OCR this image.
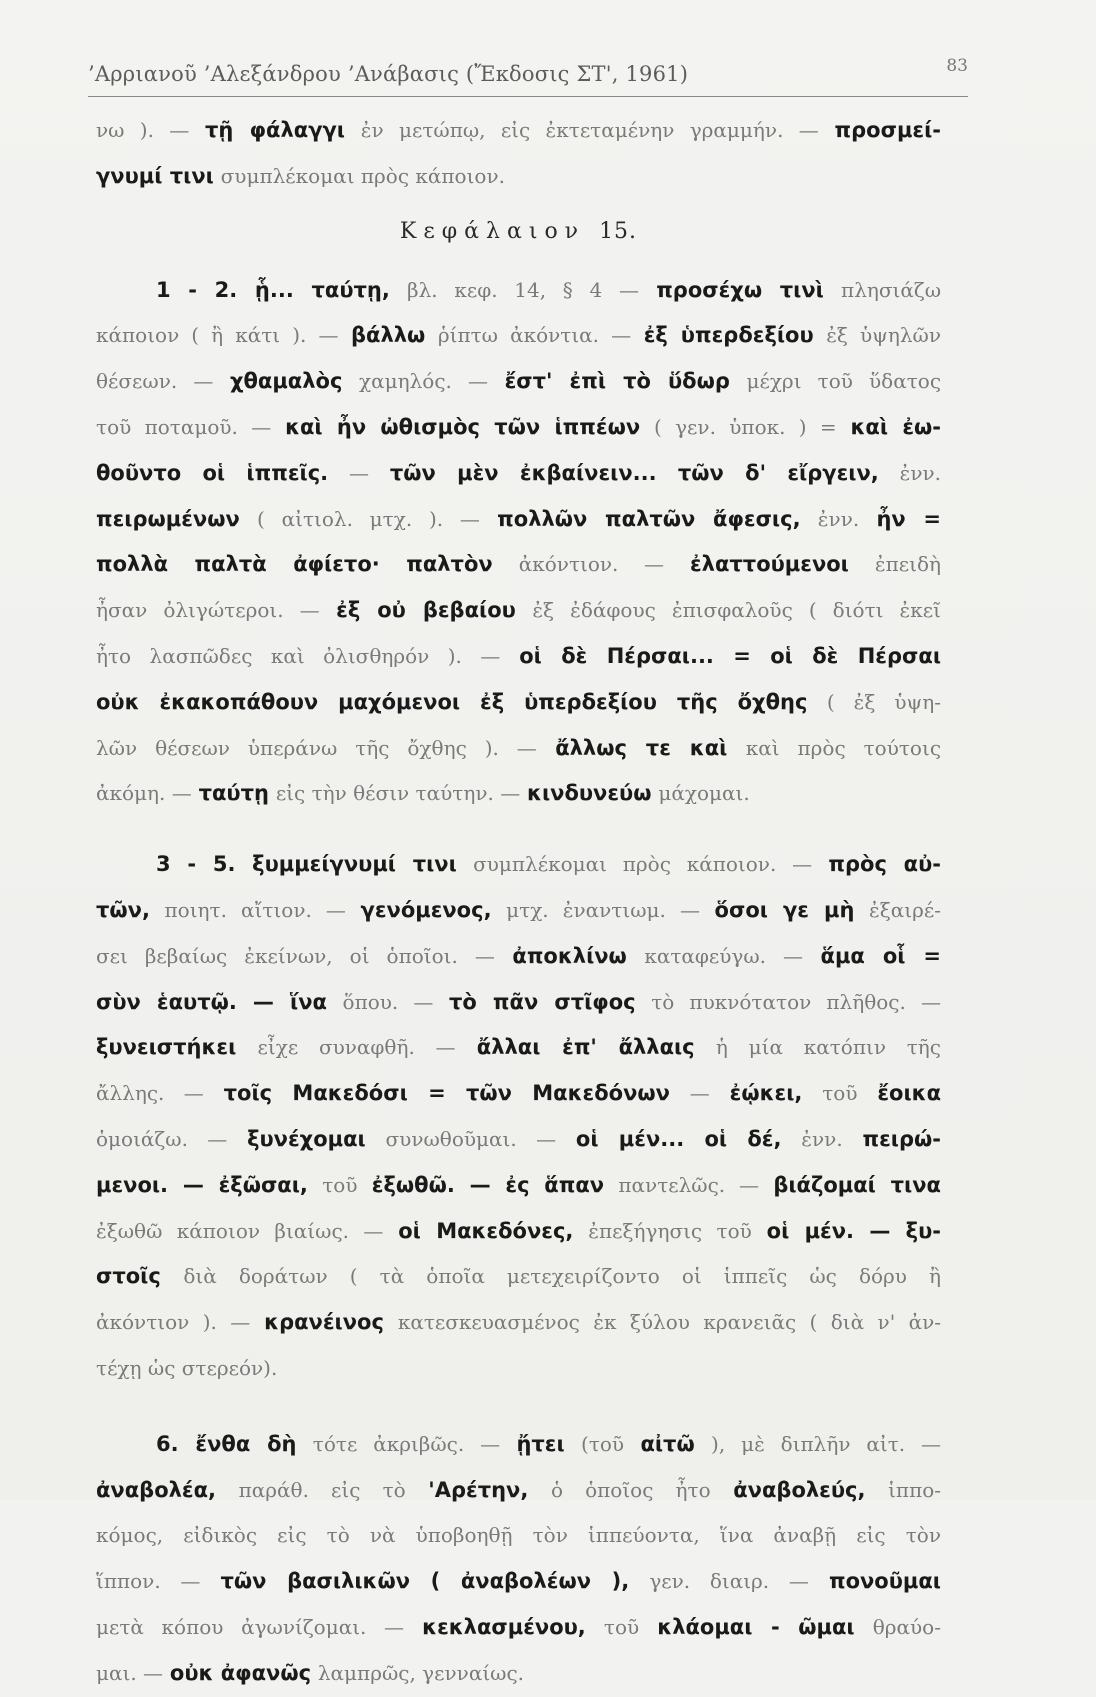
’Αρριανοῦ ’Αλεξάνδρου ’Ανάβασις (Ἔκδοσις ΣΤ', 1961)	83

νω ). — τῇ φάλαγγι ἐν μετώπῳ, εἰς ἐκτεταμένην γραμμήν. — προσμεί-

γνυμί τινι συμπλέκομαι πρὸς κάποιον.

Κεφάλαιον 15.

1 - 2. ᾗ... ταύτῃ, βλ. κεφ. 14, § 4 — προσέχω τινὶ πλησιάζω

κάποιον ( ἢ κάτι ). — βάλλω ῥίπτω ἀκόντια. — ἐξ ὑπερδεξίου ἐξ ὑψηλῶν

θέσεων. — χθαμαλὸς χαμηλός. — ἔστ' ἐπὶ τὸ ὕδωρ μέχρι τοῦ ὕδατος

τοῦ ποταμοῦ. — καὶ ἦν ὠθισμὸς τῶν ἱππέων ( γεν. ὑποκ. ) = καὶ ἐω-

θοῦντο οἱ ἱππεῖς. — τῶν μὲν ἐκβαίνειν... τῶν δ' εἴργειν, ἐνν.

πειρωμένων ( αἰτιολ. μτχ. ). — πολλῶν παλτῶν ἄφεσις, ἐνν. ἦν =

πολλὰ παλτὰ ἀφίετο· παλτὸν ἀκόντιον. — ἐλαττούμενοι ἐπειδὴ

ἦσαν ὀλιγώτεροι. — ἐξ οὐ βεβαίου ἐξ ἐδάφους ἐπισφαλοῦς ( διότι ἐκεῖ

ἦτο λασπῶδες καὶ ὀλισθηρόν ). — οἱ δὲ Πέρσαι... = οἱ δὲ Πέρσαι

οὐκ ἐκακοπάθουν μαχόμενοι ἐξ ὑπερδεξίου τῆς ὄχθης ( ἐξ ὑψη-

λῶν θέσεων ὑπεράνω τῆς ὄχθης ). — ἄλλως τε καὶ καὶ πρὸς τούτοις

ἀκόμη. — ταύτῃ εἰς τὴν θέσιν ταύτην. — κινδυνεύω μάχομαι.

3 - 5. ξυμμείγνυμί τινι συμπλέκομαι πρὸς κάποιον. — πρὸς αὐ-

τῶν, ποιητ. αἴτιον. — γενόμενος, μτχ. ἐναντιωμ. — ὅσοι γε μὴ ἐξαιρέ-

σει βεβαίως ἐκείνων, οἱ ὁποῖοι. — ἀποκλίνω καταφεύγω. — ἅμα οἷ =

σὺν ἑαυτῷ. — ἵνα ὅπου. — τὸ πᾶν στῖφος τὸ πυκνότατον πλῆθος. —

ξυνειστήκει εἶχε συναφθῆ. — ἄλλαι ἐπ' ἄλλαις ἡ μία κατόπιν τῆς

ἄλλης. — τοῖς Μακεδόσι = τῶν Μακεδόνων — ἐῴκει, τοῦ ἔοικα

ὁμοιάζω. — ξυνέχομαι συνωθοῦμαι. — οἱ μέν... οἱ δέ, ἐνν. πειρώ-

μενοι. — ἐξῶσαι, τοῦ ἐξωθῶ. — ἐς ἅπαν παντελῶς. — βιάζομαί τινα

ἐξωθῶ κάποιον βιαίως. — οἱ Μακεδόνες, ἐπεξήγησις τοῦ οἱ μέν. — ξυ-

στοῖς διὰ δοράτων ( τὰ ὁποῖα μετεχειρίζοντο οἱ ἱππεῖς ὡς δόρυ ἢ

ἀκόντιον ). — κρανέινος κατεσκευασμένος ἐκ ξύλου κρανειᾶς ( διὰ ν' ἀν-

τέχῃ ὡς στερεόν).

6. ἔνθα δὴ τότε ἀκριβῶς. — ᾔτει (τοῦ αἰτῶ ), μὲ διπλῆν αἰτ. —

ἀναβολέα, παράθ. εἰς τὸ 'Αρέτην, ὁ ὁποῖος ἦτο ἀναβολεύς, ἱππο-

κόμος, εἰδικὸς εἰς τὸ νὰ ὑποβοηθῇ τὸν ἱππεύοντα, ἵνα ἀναβῇ εἰς τὸν

ἵππον. — τῶν βασιλικῶν ( ἀναβολέων ), γεν. διαιρ. — πονοῦμαι

μετὰ κόπου ἀγωνίζομαι. — κεκλασμένου, τοῦ κλάομαι - ῶμαι θραύο-

μαι. — οὐκ ἀφανῶς λαμπρῶς, γενναίως.
